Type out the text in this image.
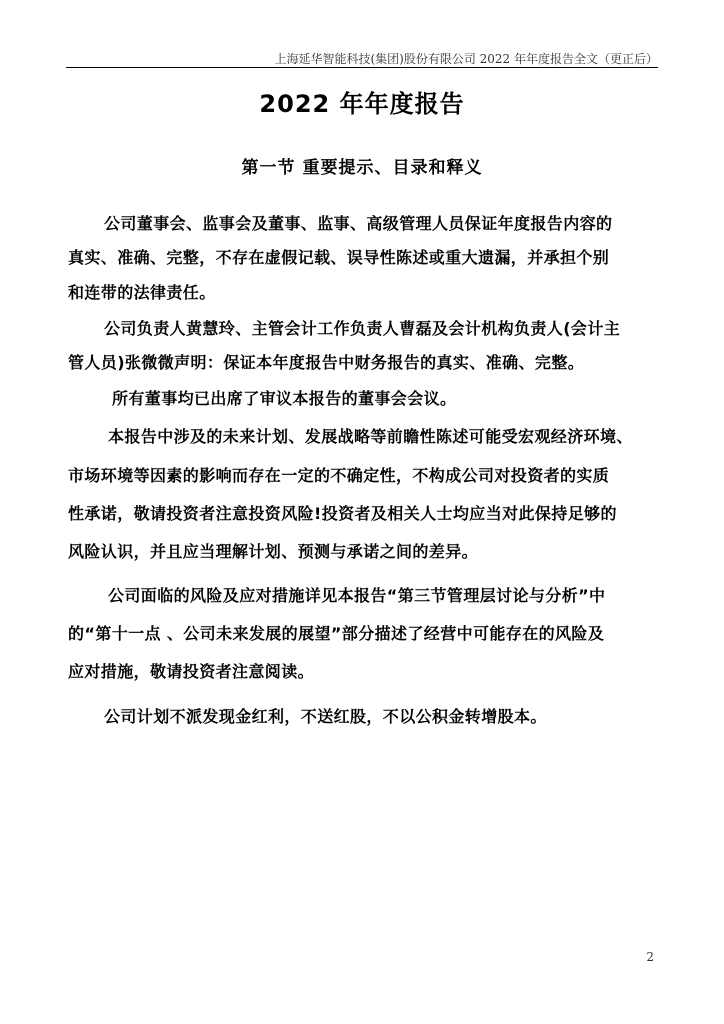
上海延华智能科技(集团)股份有限公司 2022 年年度报告全文（更正后）
2022 年年度报告
第一节 重要提示、目录和释义
公司董事会、监事会及董事、监事、高级管理人员保证年度报告内容的
真实、准确、完整，不存在虚假记载、误导性陈述或重大遗漏，并承担个别
和连带的法律责任。
公司负责人黄慧玲、主管会计工作负责人曹磊及会计机构负责人(会计主
管人员)张微微声明：保证本年度报告中财务报告的真实、准确、完整。
所有董事均已出席了审议本报告的董事会会议。
本报告中涉及的未来计划、发展战略等前瞻性陈述可能受宏观经济环境、
市场环境等因素的影响而存在一定的不确定性，不构成公司对投资者的实质
性承诺，敬请投资者注意投资风险!投资者及相关人士均应当对此保持足够的
风险认识，并且应当理解计划、预测与承诺之间的差异。
公司面临的风险及应对措施详见本报告“第三节管理层讨论与分析”中
的“第十一点 、公司未来发展的展望”部分描述了经营中可能存在的风险及
应对措施，敬请投资者注意阅读。
公司计划不派发现金红利，不送红股，不以公积金转增股本。
2
